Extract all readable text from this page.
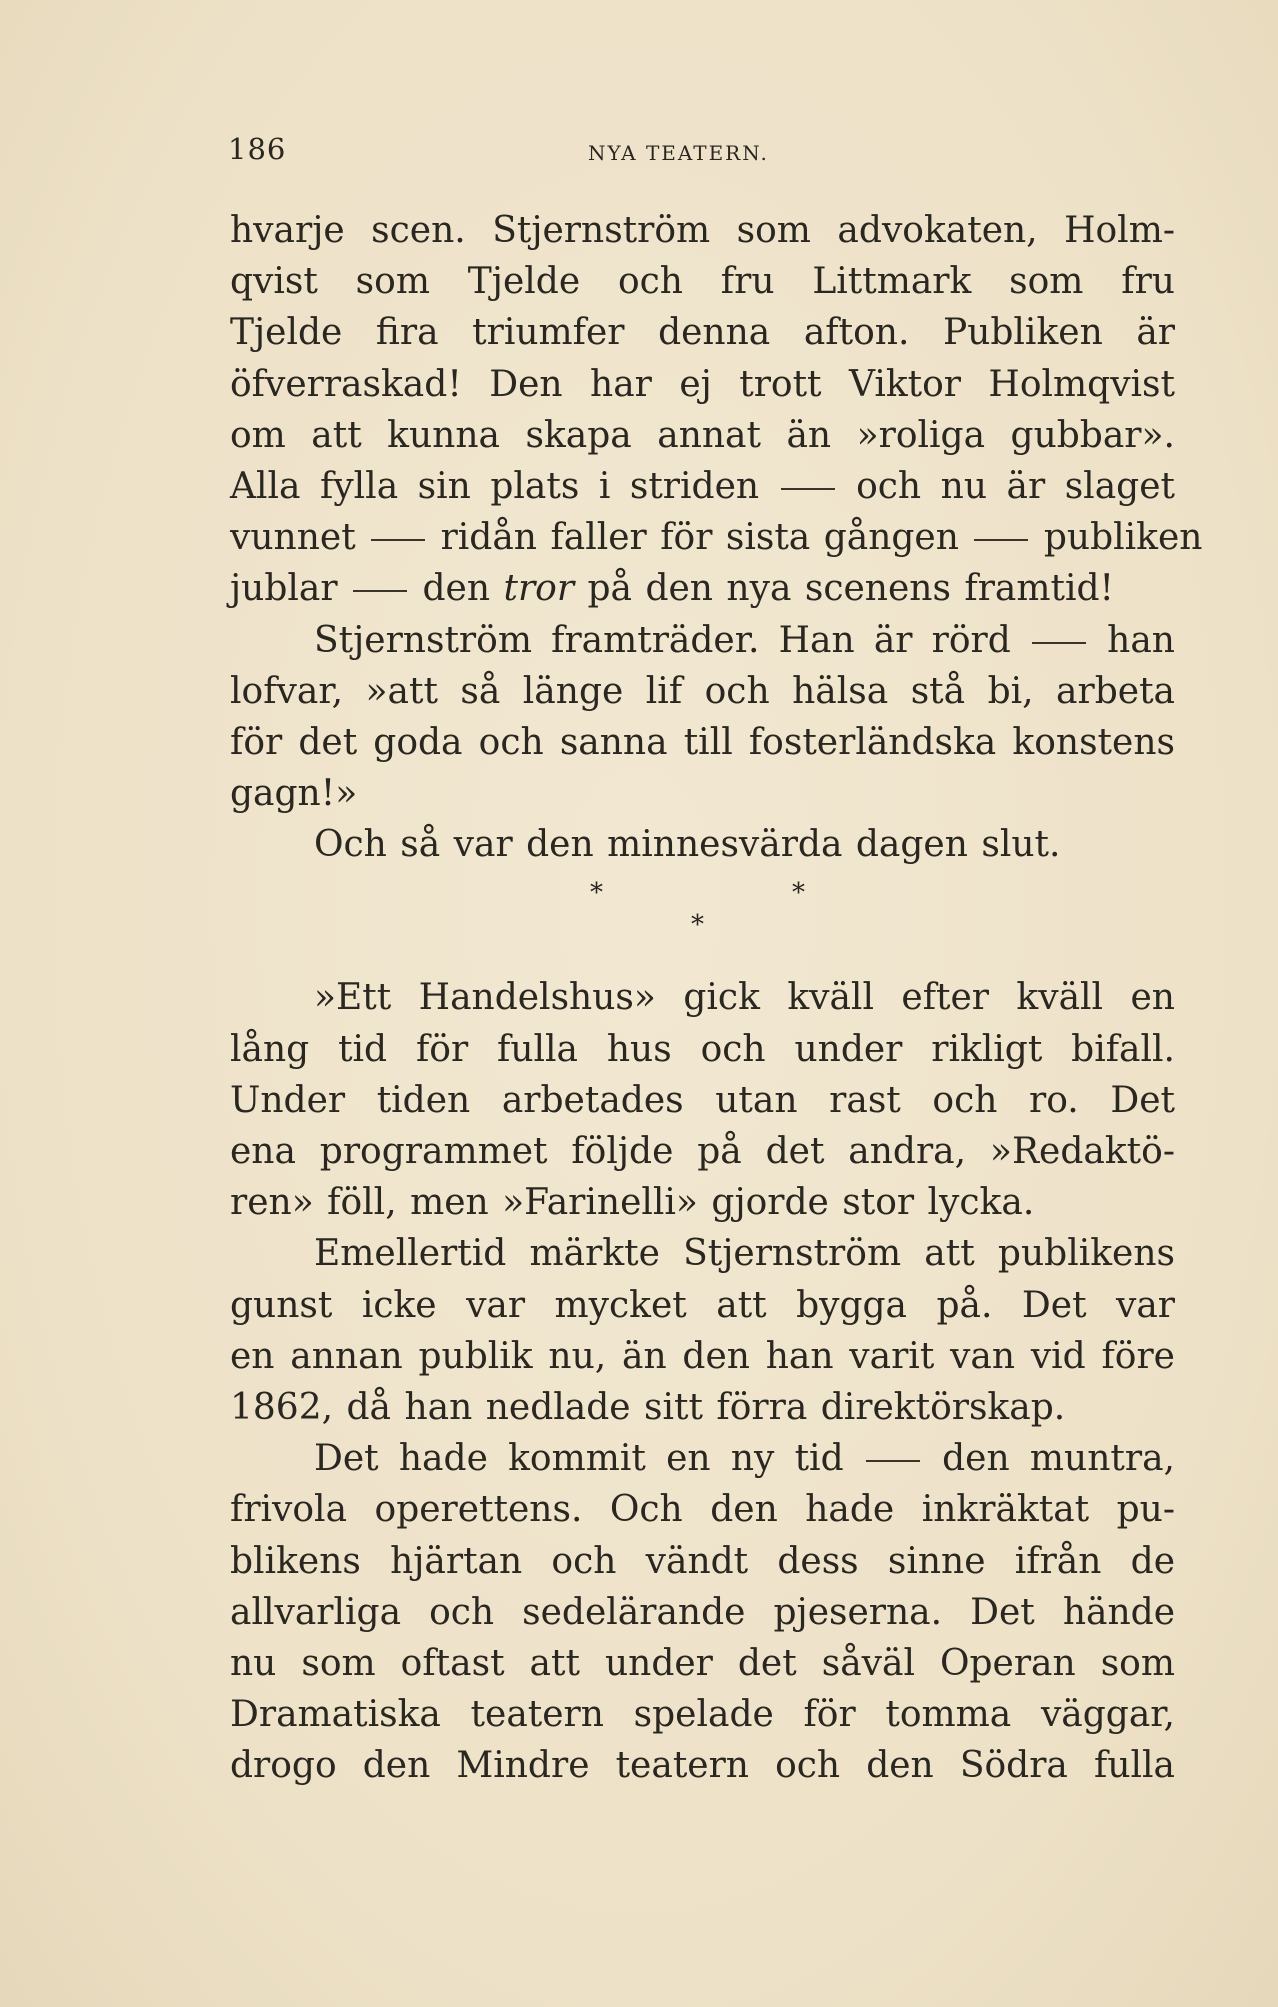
186	NYA TEATERN.
hvarje scen. Stjernström som advokaten, Holm-
qvist som Tjelde och fru Littmark som fru
Tjelde fira triumfer denna afton. Publiken är
öfverraskad! Den har ej trott Viktor Holmqvist
om att kunna skapa annat än »roliga gubbar».
Alla fylla sin plats i striden	och nu är slaget
vunnet ridån faller för sista gången publiken
jublar den tror på den nya scenens framtid!
Stjernström framträder. Han är rörd	han
lofvar, »att så länge lif och hälsa stå bi, arbeta
för det goda och sanna till fosterländska konstens
gagn!»
Och så var den minnesvärda dagen slut.
*	*
*
»Ett Handelshus» gick kväll efter kväll en
lång tid för fulla hus och under rikligt bifall.
Under tiden arbetades utan rast och ro. Det
ena programmet följde på det andra, »Redaktö-
ren» föll, men »Farinelli» gjorde stor lycka.
Emellertid märkte Stjernström att publikens
gunst icke var mycket att bygga på. Det var
en annan publik nu, än den han varit van vid före
1862, då han nedlade sitt förra direktörskap.
Det hade kommit en ny tid	den muntra,
frivola operettens. Och den hade inkräktat pu-
blikens hjärtan och vändt dess sinne ifrån de
allvarliga och sedelärande pjeserna. Det hände
nu som oftast att under det såväl Operan som
Dramatiska teatern spelade för tomma väggar,
drogo den Mindre teatern och den Södra fulla
